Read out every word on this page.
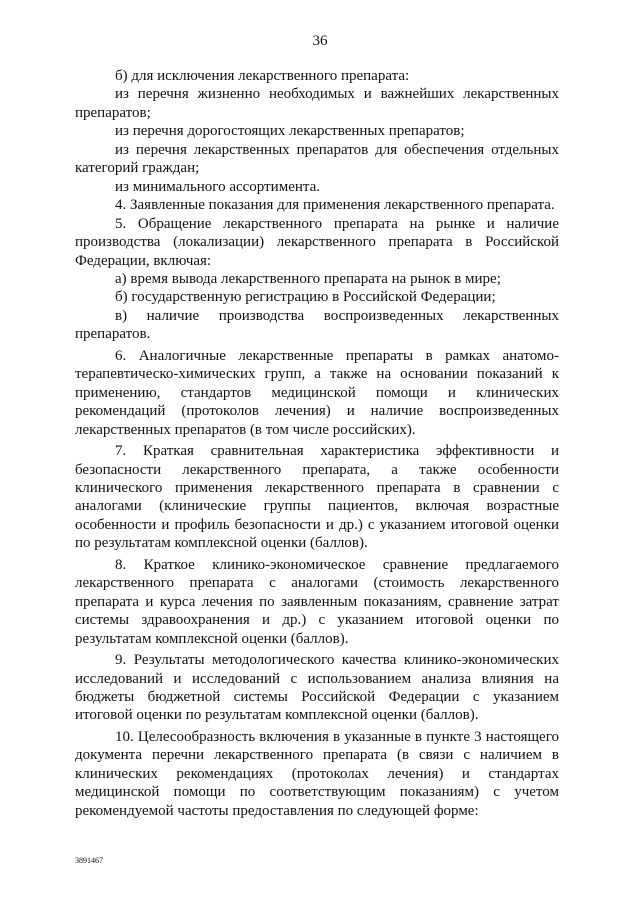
36

б) для исключения лекарственного препарата:

из перечня жизненно необходимых и важнейших лекарственных препаратов;

из перечня дорогостоящих лекарственных препаратов;

из перечня лекарственных препаратов для обеспечения отдельных категорий граждан;

из минимального ассортимента.

4. Заявленные показания для применения лекарственного препарата.

5. Обращение лекарственного препарата на рынке и наличие производства (локализации) лекарственного препарата в Российской Федерации, включая:

а) время вывода лекарственного препарата на рынок в мире;

б) государственную регистрацию в Российской Федерации;

в) наличие производства воспроизведенных лекарственных препаратов.

6. Аналогичные лекарственные препараты в рамках анатомо-терапевтическо-химических групп, а также на основании показаний к применению, стандартов медицинской помощи и клинических рекомендаций (протоколов лечения) и наличие воспроизведенных лекарственных препаратов (в том числе российских).

7. Краткая сравнительная характеристика эффективности и безопасности лекарственного препарата, а также особенности клинического применения лекарственного препарата в сравнении с аналогами (клинические группы пациентов, включая возрастные особенности и профиль безопасности и др.) с указанием итоговой оценки по результатам комплексной оценки (баллов).

8. Краткое клинико-экономическое сравнение предлагаемого лекарственного препарата с аналогами (стоимость лекарственного препарата и курса лечения по заявленным показаниям, сравнение затрат системы здравоохранения и др.) с указанием итоговой оценки по результатам комплексной оценки (баллов).

9. Результаты методологического качества клинико-экономических исследований и исследований с использованием анализа влияния на бюджеты бюджетной системы Российской Федерации с указанием итоговой оценки по результатам комплексной оценки (баллов).

10. Целесообразность включения в указанные в пункте 3 настоящего документа перечни лекарственного препарата (в связи с наличием в клинических рекомендациях (протоколах лечения) и стандартах медицинской помощи по соответствующим показаниям) с учетом рекомендуемой частоты предоставления по следующей форме:

3891467
